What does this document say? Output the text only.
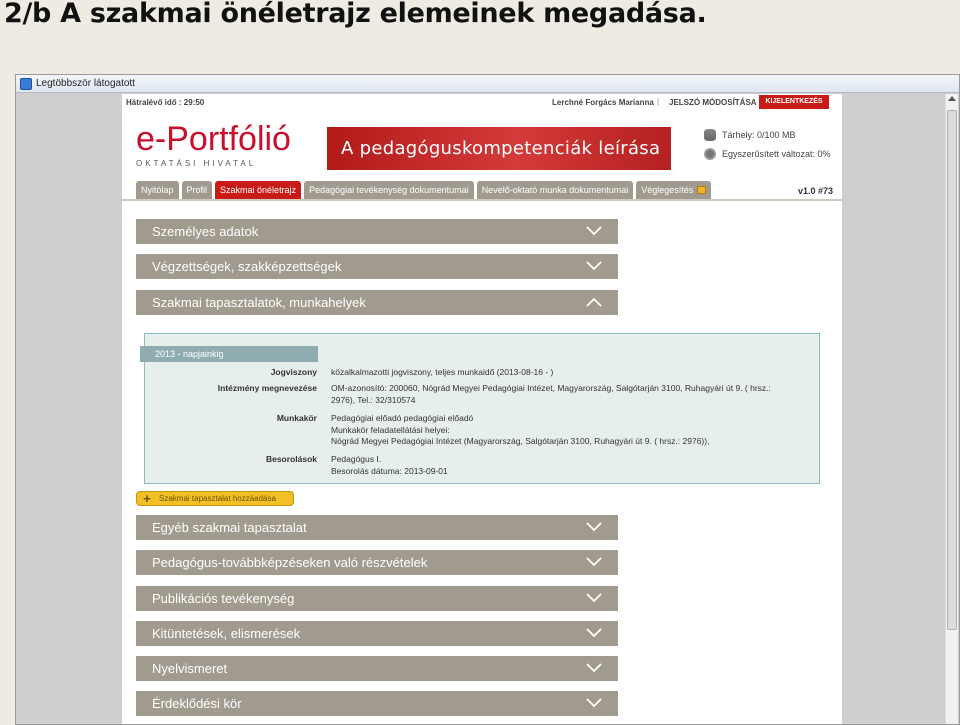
2/b A szakmai önéletrajz elemeinek megadása.
Legtöbbször látogatott
Hátralévő idő : 29:50	Lerchné Forgács Marianna | JELSZÓ MÓDOSÍTÁSA	KIJELENTKEZÉS
e-Portfólió
OKTATÁSI HIVATAL
A pedagóguskompetenciák leírása
Tárhely: 0/100 MB
Egyszerűsített változat: 0%
Nyitólap	Profil	Szakmai önéletrajz	Pedagógiai tevékenység dokumentumai	Nevelő-oktató munka dokumentumai	Véglegesítés	v1.0 #73
Személyes adatok
Végzettségek, szakképzettségek
Szakmai tapasztalatok, munkahelyek
2013 - napjainkig
Jogviszony közalkalmazotti jogviszony, teljes munkaidő (2013-08-16 - )
Intézmény megnevezése OM-azonosító: 200060, Nógrád Megyei Pedagógiai Intézet, Magyarország, Salgótarján 3100, Ruhagyári út 9. ( hrsz.:
2976), Tel.: 32/310574
Munkakör Pedagógiai előadó pedagógiai előadó
Munkakör feladatellátási helyei:
Nógrád Megyei Pedagógiai Intézet (Magyarország, Salgótarján 3100, Ruhagyári út 9. ( hrsz.: 2976)),
Besorolások Pedagógus I.
Besorolás dátuma: 2013-09-01
+ Szakmai tapasztalat hozzáadása
Egyéb szakmai tapasztalat
Pedagógus-továbbképzéseken való részvételek
Publikációs tevékenység
Kitüntetések, elismerések
Nyelvismeret
Érdeklődési kör
